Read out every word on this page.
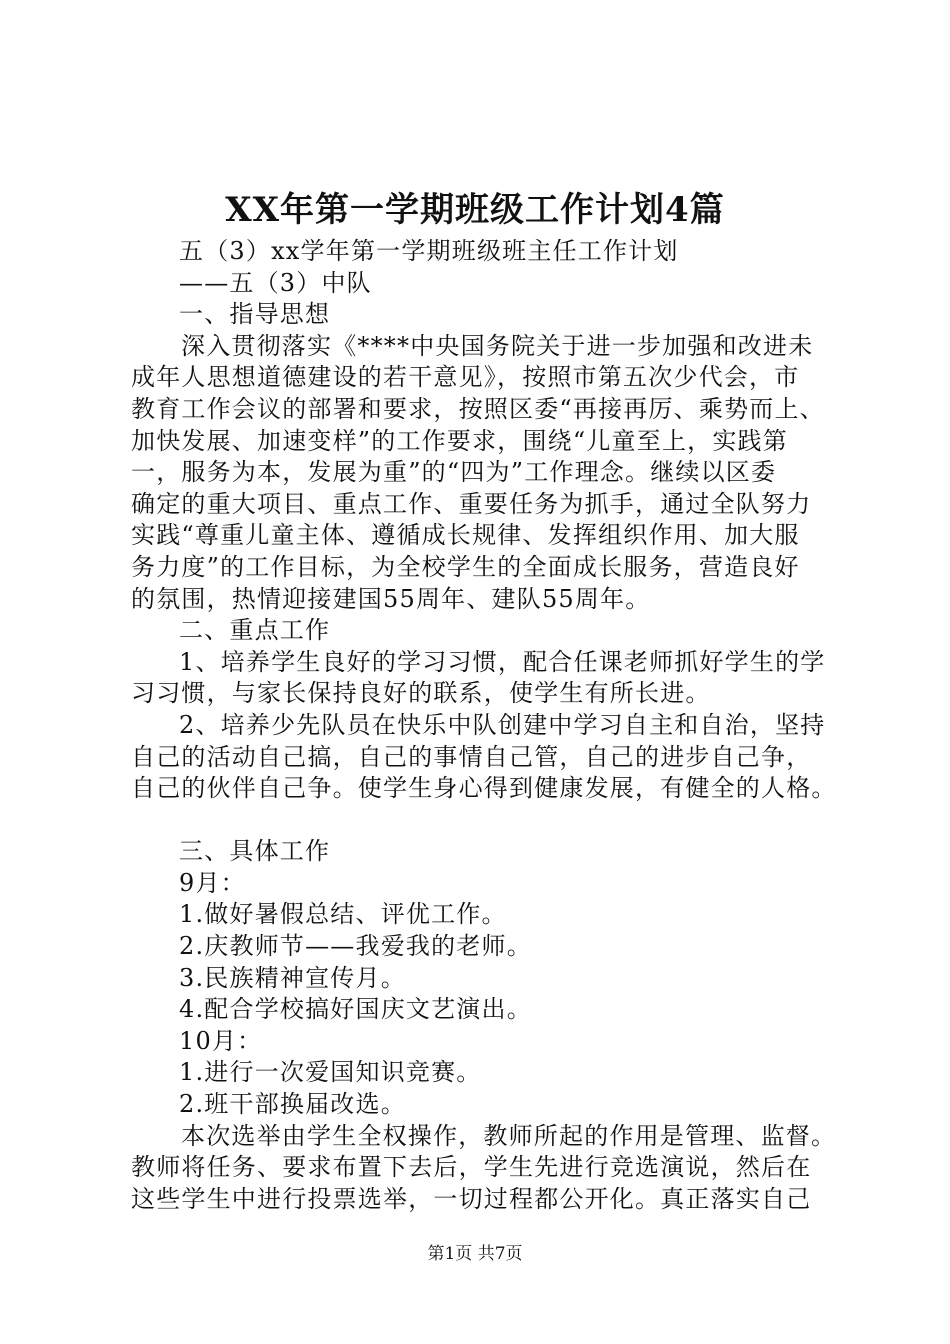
XX年第一学期班级工作计划4篇
五（3）xx学年第一学期班级班主任工作计划
——五（3）中队
一、指导思想
深入贯彻落实《****中央国务院关于进一步加强和改进未
成年人思想道德建设的若干意见》，按照市第五次少代会，市
教育工作会议的部署和要求，按照区委“再接再厉、乘势而上、
加快发展、加速变样”的工作要求，围绕“儿童至上，实践第
一，服务为本，发展为重”的“四为”工作理念。继续以区委
确定的重大项目、重点工作、重要任务为抓手，通过全队努力
实践“尊重儿童主体、遵循成长规律、发挥组织作用、加大服
务力度”的工作目标，为全校学生的全面成长服务，营造良好
的氛围，热情迎接建国55周年、建队55周年。
二、重点工作
1、培养学生良好的学习习惯，配合任课老师抓好学生的学
习习惯，与家长保持良好的联系，使学生有所长进。
2、培养少先队员在快乐中队创建中学习自主和自治，坚持
自己的活动自己搞，自己的事情自己管，自己的进步自己争，
自己的伙伴自己争。使学生身心得到健康发展，有健全的人格。
三、具体工作
9月：
1.做好暑假总结、评优工作。
2.庆教师节——我爱我的老师。
3.民族精神宣传月。
4.配合学校搞好国庆文艺演出。
10月：
1.进行一次爱国知识竞赛。
2.班干部换届改选。
本次选举由学生全权操作，教师所起的作用是管理、监督。
教师将任务、要求布置下去后，学生先进行竞选演说，然后在
这些学生中进行投票选举，一切过程都公开化。真正落实自己
第1页 共7页
